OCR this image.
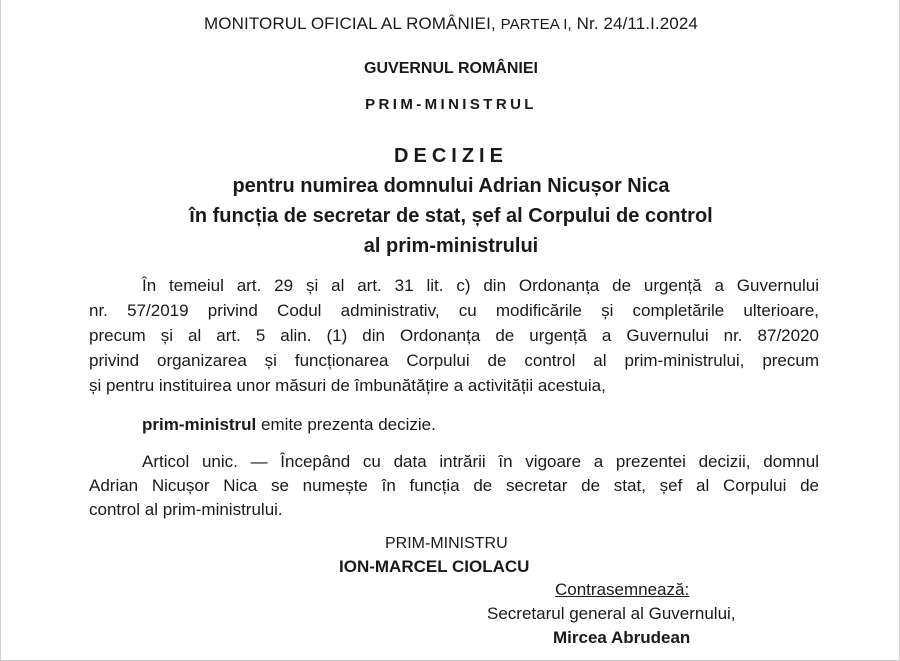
MONITORUL OFICIAL AL ROMÂNIEI, PARTEA I, Nr. 24/11.I.2024
GUVERNUL ROMÂNIEI
PRIM-MINISTRUL
DECIZIE
pentru numirea domnului Adrian Nicușor Nica
în funcția de secretar de stat, șef al Corpului de control
al prim-ministrului
În temeiul art. 29 și al art. 31 lit. c) din Ordonanța de urgență a Guvernului
nr. 57/2019 privind Codul administrativ, cu modificările și completările ulterioare,
precum și al art. 5 alin. (1) din Ordonanța de urgență a Guvernului nr. 87/2020
privind organizarea și funcționarea Corpului de control al prim-ministrului, precum
și pentru instituirea unor măsuri de îmbunătățire a activității acestuia,
prim-ministrul emite prezenta decizie.
Articol unic. — Începând cu data intrării în vigoare a prezentei decizii, domnul
Adrian Nicușor Nica se numește în funcția de secretar de stat, șef al Corpului de
control al prim-ministrului.
PRIM-MINISTRU
ION-MARCEL CIOLACU
Contrasemnează:
Secretarul general al Guvernului,
Mircea Abrudean
